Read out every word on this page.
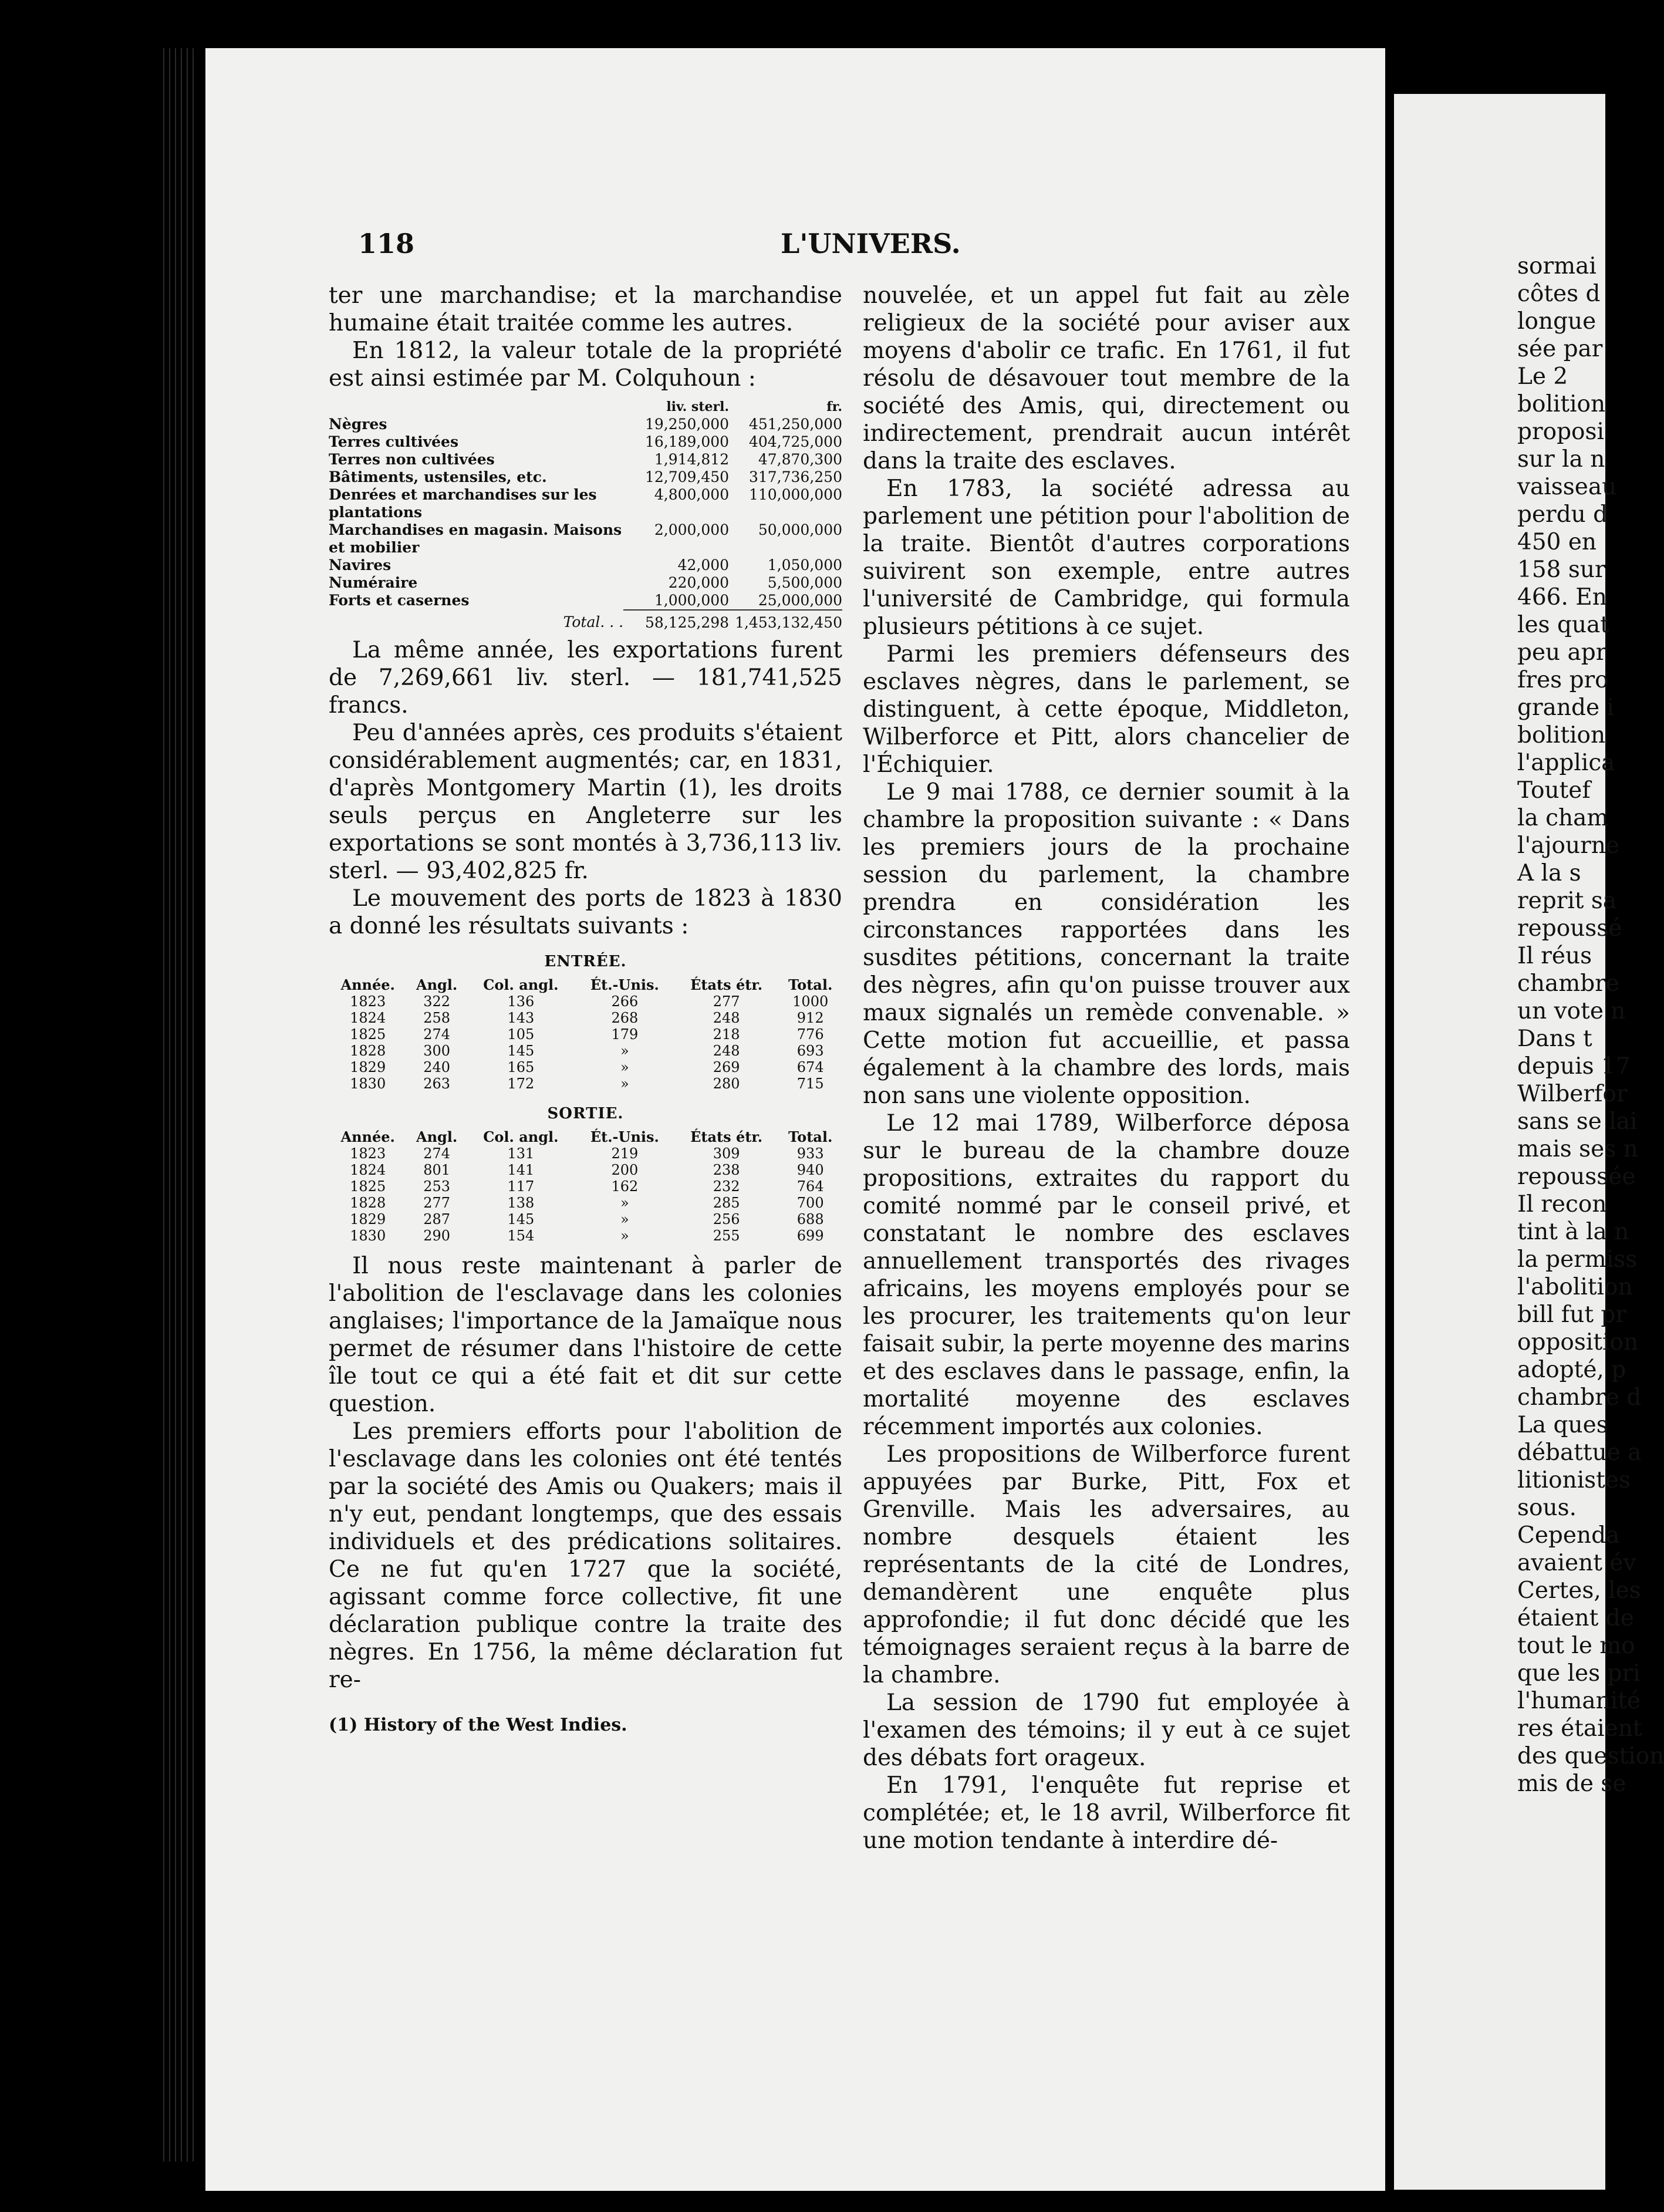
sormai
côtes d
longue
sée par
Le 2
bolition
proposi
sur la n
vaisseau
perdu d
450 en
158 sur
466. En
les quat
peu apr
fres pro
grande i
bolition
l'applica
Toutef
la cham
l'ajourne
A la s
reprit sa
repoussé
Il réus
chambre
un vote n
Dans t
depuis 17
Wilberfor
sans se lai
mais ses n
repoussée
Il recon
tint à la n
la permiss
l'abolition
bill fut pr
opposition
adopté, p
chambre d
La ques
débattue a
litionistes
sous.
Cependa
avaient év
Certes, les
étaient de
tout le mo
que les pri
l'humanité
res étaient
des question
mis de se
118	L'UNIVERS.

ter une marchandise; et la marchandise humaine était traitée comme les autres.

En 1812, la valeur totale de la propriété est ainsi estimée par M. Colquhoun :

	liv. sterl.	fr.
Nègres	19,250,000	451,250,000
Terres cultivées	16,189,000	404,725,000
Terres non cultivées	1,914,812	47,870,300
Bâtiments, ustensiles, etc.	12,709,450	317,736,250
Denrées et marchandises sur les plantations	4,800,000	110,000,000
Marchandises en magasin. Maisons et mobilier	2,000,000	50,000,000
Navires	42,000	1,050,000
Numéraire	220,000	5,500,000
Forts et casernes	1,000,000	25,000,000
Total. . .	58,125,298	1,453,132,450

La même année, les exportations furent de 7,269,661 liv. sterl. — 181,741,525 francs.

Peu d'années après, ces produits s'étaient considérablement augmentés; car, en 1831, d'après Montgomery Martin (1), les droits seuls perçus en Angleterre sur les exportations se sont montés à 3,736,113 liv. sterl. — 93,402,825 fr.

Le mouvement des ports de 1823 à 1830 a donné les résultats suivants :

ENTRÉE.
Année.	Angl.	Col. angl.	Ét.-Unis.	États étr.	Total.
1823	322	136	266	277	1000
1824	258	143	268	248	912
1825	274	105	179	218	776
1828	300	145	»	248	693
1829	240	165	»	269	674
1830	263	172	»	280	715
SORTIE.
Année.	Angl.	Col. angl.	Ét.-Unis.	États étr.	Total.
1823	274	131	219	309	933
1824	801	141	200	238	940
1825	253	117	162	232	764
1828	277	138	»	285	700
1829	287	145	»	256	688
1830	290	154	»	255	699

Il nous reste maintenant à parler de l'abolition de l'esclavage dans les colonies anglaises; l'importance de la Jamaïque nous permet de résumer dans l'histoire de cette île tout ce qui a été fait et dit sur cette question.

Les premiers efforts pour l'abolition de l'esclavage dans les colonies ont été tentés par la société des Amis ou Quakers; mais il n'y eut, pendant longtemps, que des essais individuels et des prédications solitaires. Ce ne fut qu'en 1727 que la société, agissant comme force collective, fit une déclaration publique contre la traite des nègres. En 1756, la même déclaration fut re-

(1) History of the West Indies.

nouvelée, et un appel fut fait au zèle religieux de la société pour aviser aux moyens d'abolir ce trafic. En 1761, il fut résolu de désavouer tout membre de la société des Amis, qui, directement ou indirectement, prendrait aucun intérêt dans la traite des esclaves.

En 1783, la société adressa au parlement une pétition pour l'abolition de la traite. Bientôt d'autres corporations suivirent son exemple, entre autres l'université de Cambridge, qui formula plusieurs pétitions à ce sujet.

Parmi les premiers défenseurs des esclaves nègres, dans le parlement, se distinguent, à cette époque, Middleton, Wilberforce et Pitt, alors chancelier de l'Échiquier.

Le 9 mai 1788, ce dernier soumit à la chambre la proposition suivante : « Dans les premiers jours de la prochaine session du parlement, la chambre prendra en considération les circonstances rapportées dans les susdites pétitions, concernant la traite des nègres, afin qu'on puisse trouver aux maux signalés un remède convenable. » Cette motion fut accueillie, et passa également à la chambre des lords, mais non sans une violente opposition.

Le 12 mai 1789, Wilberforce déposa sur le bureau de la chambre douze propositions, extraites du rapport du comité nommé par le conseil privé, et constatant le nombre des esclaves annuellement transportés des rivages africains, les moyens employés pour se les procurer, les traitements qu'on leur faisait subir, la perte moyenne des marins et des esclaves dans le passage, enfin, la mortalité moyenne des esclaves récemment importés aux colonies.

Les propositions de Wilberforce furent appuyées par Burke, Pitt, Fox et Grenville. Mais les adversaires, au nombre desquels étaient les représentants de la cité de Londres, demandèrent une enquête plus approfondie; il fut donc décidé que les témoignages seraient reçus à la barre de la chambre.

La session de 1790 fut employée à l'examen des témoins; il y eut à ce sujet des débats fort orageux.

En 1791, l'enquête fut reprise et complétée; et, le 18 avril, Wilberforce fit une motion tendante à interdire dé-
